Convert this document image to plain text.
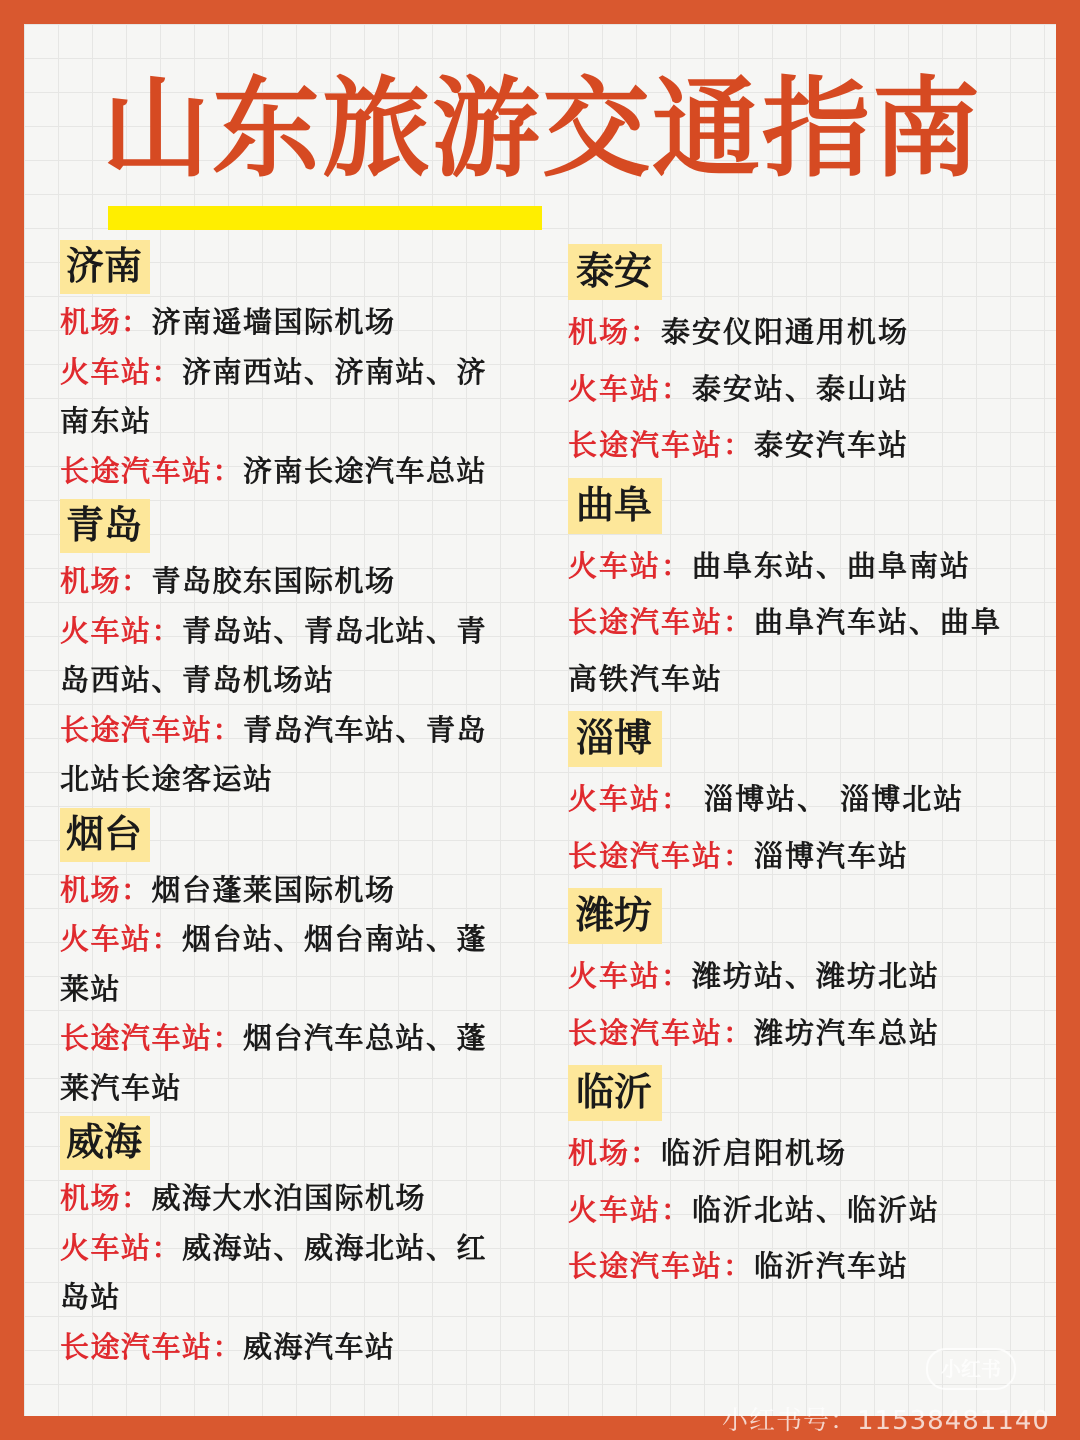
山东旅游交通指南
济南

机场：济南遥墙国际机场

火车站：济南西站、济南站、济

南东站

长途汽车站：济南长途汽车总站

青岛

机场：青岛胶东国际机场

火车站：青岛站、青岛北站、青

岛西站、青岛机场站

长途汽车站：青岛汽车站、青岛

北站长途客运站

烟台

机场：烟台蓬莱国际机场

火车站：烟台站、烟台南站、蓬

莱站

长途汽车站：烟台汽车总站、蓬

莱汽车站

威海

机场：威海大水泊国际机场

火车站：威海站、威海北站、红

岛站

长途汽车站：威海汽车站

泰安

机场：泰安仪阳通用机场

火车站：泰安站、泰山站

长途汽车站：泰安汽车站

曲阜

火车站：曲阜东站、曲阜南站

长途汽车站：曲阜汽车站、曲阜

高铁汽车站

淄博

火车站： 淄博站、 淄博北站

长途汽车站：淄博汽车站

潍坊

火车站：潍坊站、潍坊北站

长途汽车站：潍坊汽车总站

临沂

机场：临沂启阳机场

火车站：临沂北站、临沂站

长途汽车站：临沂汽车站

小红书
小红书号：11538481140
